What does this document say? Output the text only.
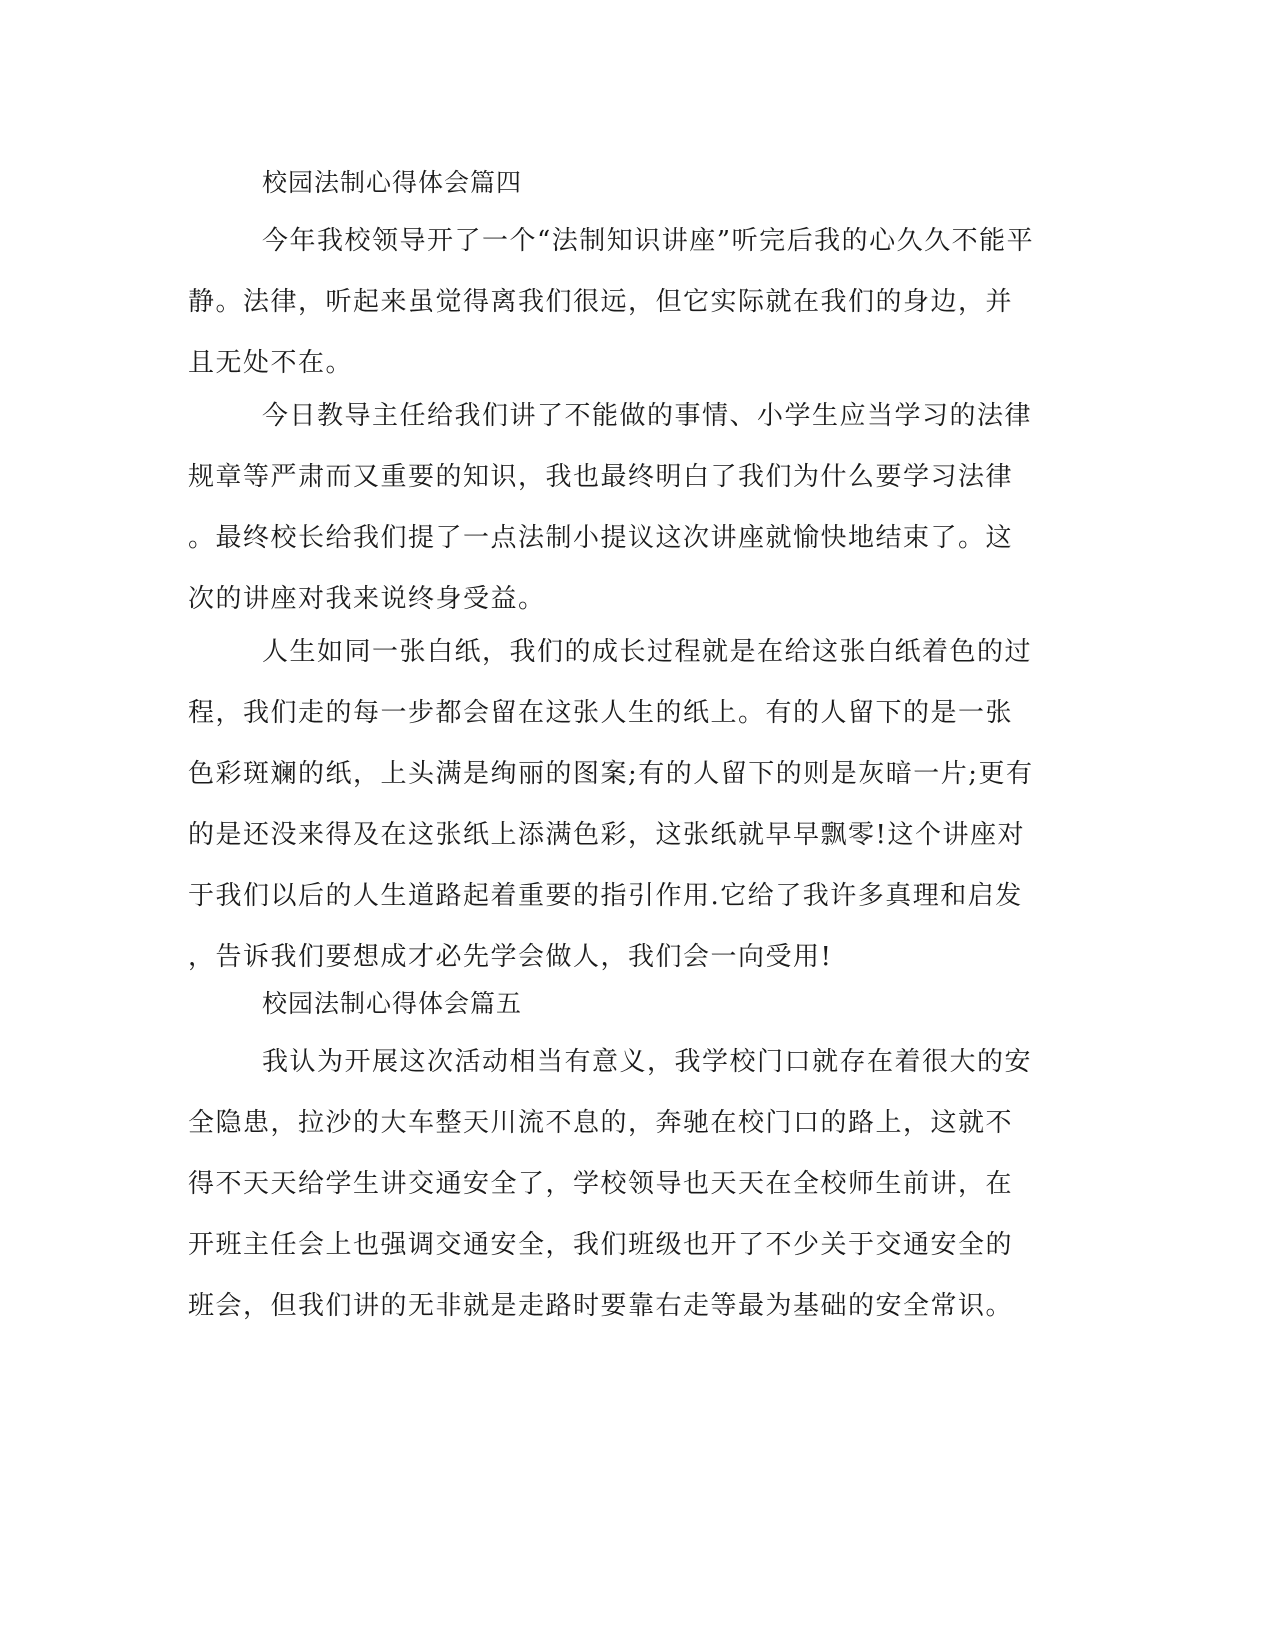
校园法制心得体会篇四
今年我校领导开了一个“法制知识讲座”听完后我的心久久不能平
静。法律，听起来虽觉得离我们很远，但它实际就在我们的身边，并
且无处不在。
今日教导主任给我们讲了不能做的事情、小学生应当学习的法律
规章等严肃而又重要的知识，我也最终明白了我们为什么要学习法律
。最终校长给我们提了一点法制小提议这次讲座就愉快地结束了。这
次的讲座对我来说终身受益。
人生如同一张白纸，我们的成长过程就是在给这张白纸着色的过
程，我们走的每一步都会留在这张人生的纸上。有的人留下的是一张
色彩斑斓的纸，上头满是绚丽的图案;有的人留下的则是灰暗一片;更有
的是还没来得及在这张纸上添满色彩，这张纸就早早飘零!这个讲座对
于我们以后的人生道路起着重要的指引作用.它给了我许多真理和启发
，告诉我们要想成才必先学会做人，我们会一向受用!
校园法制心得体会篇五
我认为开展这次活动相当有意义，我学校门口就存在着很大的安
全隐患，拉沙的大车整天川流不息的，奔驰在校门口的路上，这就不
得不天天给学生讲交通安全了，学校领导也天天在全校师生前讲，在
开班主任会上也强调交通安全，我们班级也开了不少关于交通安全的
班会，但我们讲的无非就是走路时要靠右走等最为基础的安全常识。
